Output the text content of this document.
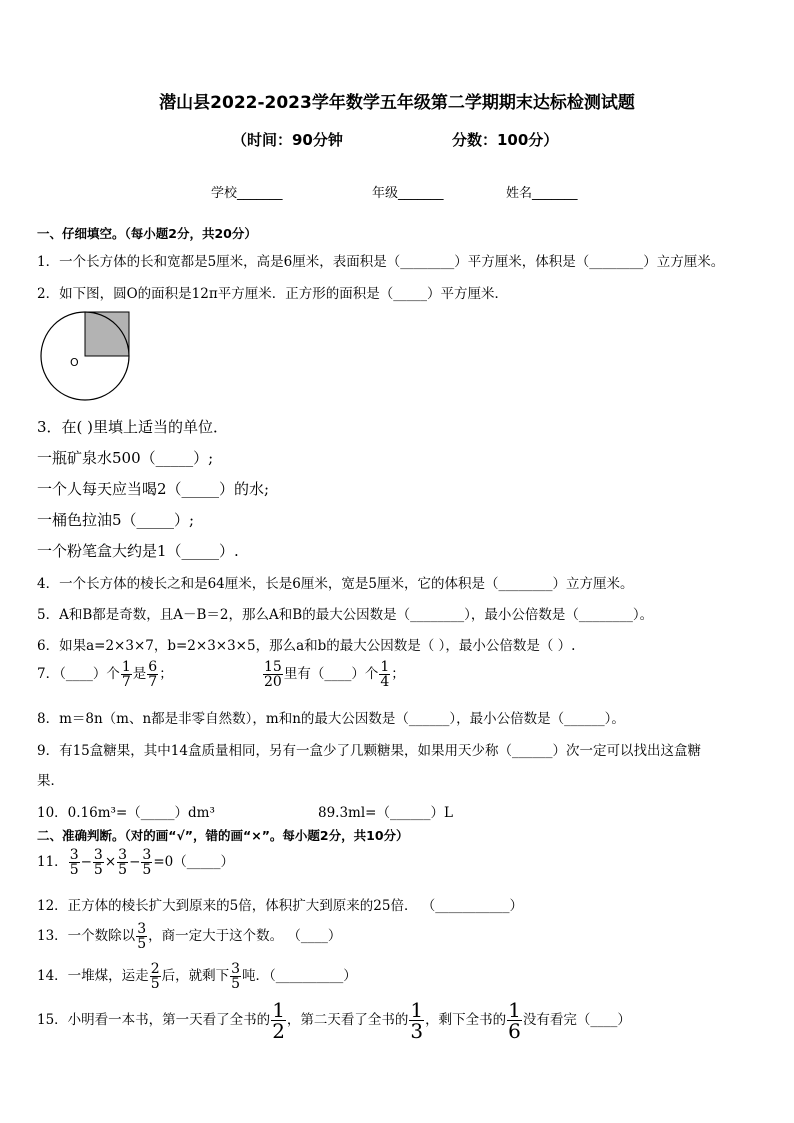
潜山县2022-2023学年数学五年级第二学期期末达标检测试题
（时间：90分钟	分数：100分）
学校_______	年级_______	姓名_______
一、仔细填空。（每小题2分，共20分）
1．一个长方体的长和宽都是5厘米，高是6厘米，表面积是（________）平方厘米，体积是（________）立方厘米。
2．如下图，圆O的面积是12π平方厘米．正方形的面积是（_____）平方厘米．
O
3．在( )里填上适当的单位．
一瓶矿泉水500（_____）;
一个人每天应当喝2（_____）的水;
一桶色拉油5（_____）;
一个粉笔盒大约是1（_____）.
4．一个长方体的棱长之和是64厘米，长是6厘米，宽是5厘米，它的体积是（________）立方厘米。
5．A和B都是奇数，且A－B＝2，那么A和B的最大公因数是（________），最小公倍数是（________）。
6．如果a=2×3×7，b=2×3×3×5，那么a和b的最大公因数是（ ），最小公倍数是（ ）.
7．（____）个 $\frac{1}{7}$ 是 $\frac{6}{7}$ ；	$\frac{15}{20}$ 里有（____）个 $\frac{1}{4}$ ；
8．m＝8n（m、n都是非零自然数），m和n的最大公因数是（______），最小公倍数是（______）。
9．有15盒糖果，其中14盒质量相同，另有一盒少了几颗糖果，如果用天少称（______）次一定可以找出这盒糖
果．
10．0.16m³=（_____）dm³	89.3ml=（______）L
二、准确判断。（对的画“√”，错的画“×”。每小题2分，共10分）
11． $\frac{3}{5} - \frac{3}{5} \times \frac{3}{5} - \frac{3}{5}$ =0（_____）
12．正方体的棱长扩大到原来的5倍，体积扩大到原来的25倍． （___________）
13．一个数除以 $\frac{3}{5}$ ，商一定大于这个数。 （____）
14．一堆煤，运走 $\frac{2}{5}$ 后，就剩下 $\frac{3}{5}$ 吨．（__________）
15．小明看一本书，第一天看了全书的 $\frac{1}{2}$ ，第二天看了全书的 $\frac{1}{3}$ ，剩下全书的 $\frac{1}{6}$ 没有看完（____）
